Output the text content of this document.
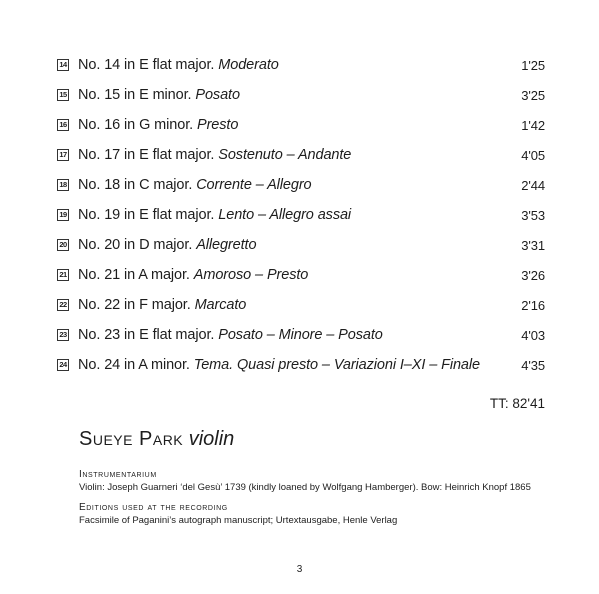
14 No. 14 in E flat major. Moderato	1'25
15 No. 15 in E minor. Posato	3'25
16 No. 16 in G minor. Presto	1'42
17 No. 17 in E flat major. Sostenuto – Andante	4'05
18 No. 18 in C major. Corrente – Allegro	2'44
19 No. 19 in E flat major. Lento – Allegro assai	3'53
20 No. 20 in D major. Allegretto	3'31
21 No. 21 in A major. Amoroso – Presto	3'26
22 No. 22 in F major. Marcato	2'16
23 No. 23 in E flat major. Posato – Minore – Posato	4'03
24 No. 24 in A minor. Tema. Quasi presto – Variazioni I–XI – Finale	4'35
TT: 82'41
Sueye Park violin
Instrumentarium
Violin: Joseph Guarneri ‘del Gesù’ 1739 (kindly loaned by Wolfgang Hamberger). Bow: Heinrich Knopf 1865
Editions used at the recording
Facsimile of Paganini’s autograph manuscript; Urtextausgabe, Henle Verlag
3
